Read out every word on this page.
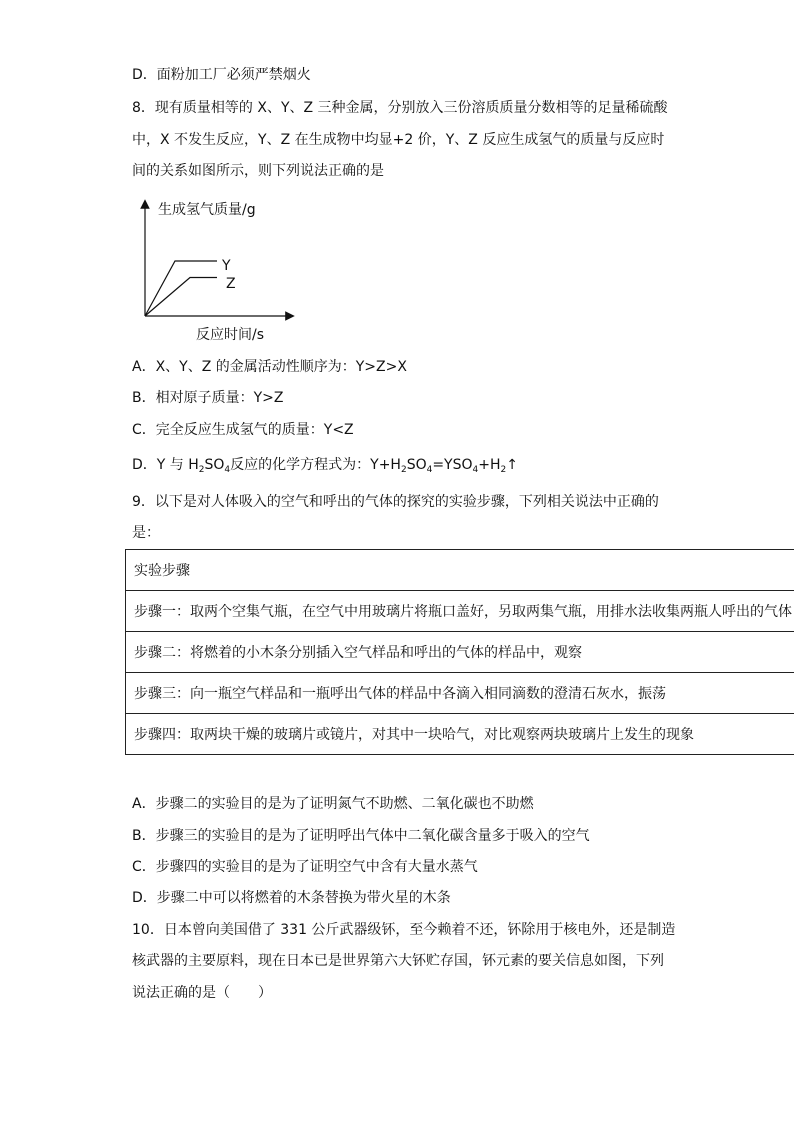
D．面粉加工厂必须严禁烟火
8．现有质量相等的 X、Y、Z 三种金属，分别放入三份溶质质量分数相等的足量稀硫酸
中，X 不发生反应，Y、Z 在生成物中均显+2 价，Y、Z 反应生成氢气的质量与反应时
间的关系如图所示，则下列说法正确的是
生成氢气质量/g
反应时间/s
Y
Z
A．X、Y、Z 的金属活动性顺序为：Y>Z>X
B．相对原子质量：Y>Z
C．完全反应生成氢气的质量：Y<Z
D．Y 与 $H_2SO_4$反应的化学方程式为：$Y+H_2SO_4=YSO_4+H_2↑$
9．以下是对人体吸入的空气和呼出的气体的探究的实验步骤，下列相关说法中正确的
是：
实验步骤
步骤一：取两个空集气瓶，在空气中用玻璃片将瓶口盖好，另取两集气瓶，用排水法收集两瓶人呼出的气体
步骤二：将燃着的小木条分别插入空气样品和呼出的气体的样品中，观察
步骤三：向一瓶空气样品和一瓶呼出气体的样品中各滴入相同滴数的澄清石灰水，振荡
步骤四：取两块干燥的玻璃片或镜片，对其中一块哈气，对比观察两块玻璃片上发生的现象
A．步骤二的实验目的是为了证明氮气不助燃、二氧化碳也不助燃
B．步骤三的实验目的是为了证明呼出气体中二氧化碳含量多于吸入的空气
C．步骤四的实验目的是为了证明空气中含有大量水蒸气
D．步骤二中可以将燃着的木条替换为带火星的木条
10．日本曾向美国借了 331 公斤武器级钚，至今赖着不还，钚除用于核电外，还是制造
核武器的主要原料，现在日本已是世界第六大钚贮存国，钚元素的要关信息如图，下列
说法正确的是（　　）
